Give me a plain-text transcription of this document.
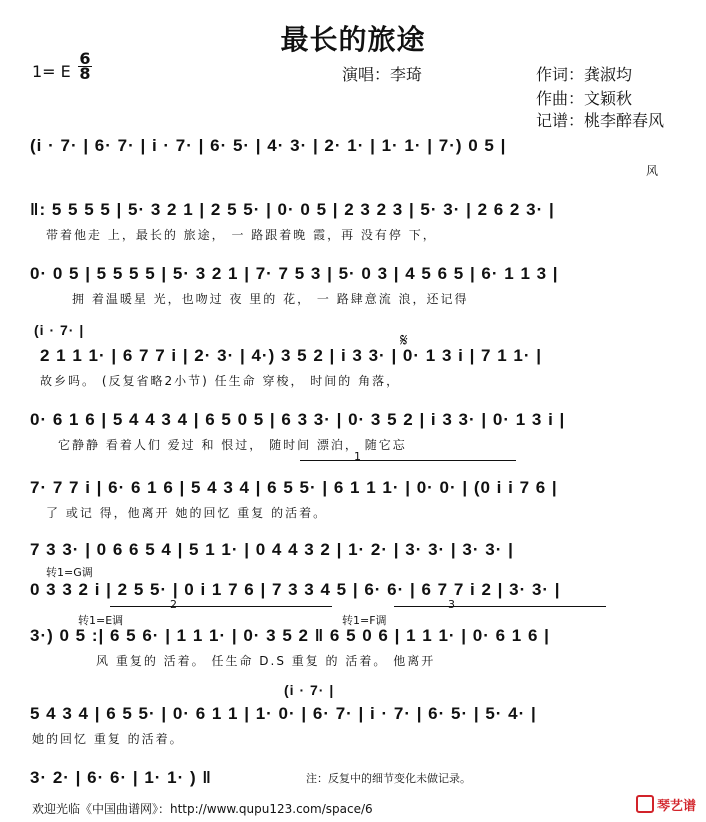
最长的旅途
1= E
6
8	演唱：李琦	作词：龚淑均
作曲：文颖秋
记谱：桃李醉春风
(i · 7· | 6· 7· | i · 7· | 6· 5· | 4· 3· | 2· 1· | 1· 1· | 7·) 0 5 |
风
‖: 5 5 5 5 | 5· 3 2 1 | 2 5 5· | 0· 0 5 | 2 3 2 3 | 5· 3· | 2 6 2 3· |
带着他走 上，最长的 旅途， 一 路跟着晚 霞，再 没有停 下，
0· 0 5 | 5 5 5 5 | 5· 3 2 1 | 7· 7 5 3 | 5· 0 3 | 4 5 6 5 | 6· 1 1 3 |
拥 着温暖星 光，也吻过 夜 里的 花， 一 路肆意流 浪，还记得
(i · 7· |
2 1 1 1· | 6 7 7 i | 2· 3· | 4·) 3 5 2 | i 3 3· | 0· 1 3 i | 7 1 1· |
故乡吗。 (反复省略2小节) 任生命 穿梭， 时间的 角落，
𝄋
0· 6 1 6 | 5 4 4 3 4 | 6 5 0 5 | 6 3 3· | 0· 3 5 2 | i 3 3· | 0· 1 3 i |
它静静 看着人们 爱过 和 恨过， 随时间 漂泊， 随它忘
1
7· 7 7 i | 6· 6 1 6 | 5 4 3 4 | 6 5 5· | 6 1 1 1· | 0· 0· | (0 i i 7 6 |
了 或记 得，他离开 她的回忆 重复 的活着。
7 3 3· | 0 6 6 5 4 | 5 1 1· | 0 4 4 3 2 | 1· 2· | 3· 3· | 3· 3· |
转1=G调
0 3 3 2 i | 2 5 5· | 0 i 1 7 6 | 7 3 3 4 5 | 6· 6· | 6 7 7 i 2 | 3· 3· |
2	3
转1=E调	转1=F调
3·) 0 5 :| 6 5 6· | 1 1 1· | 0· 3 5 2 ‖ 6 5 0 6 | 1 1 1· | 0· 6 1 6 |
风 重复的 活着。 任生命 D.S 重复 的 活着。 他离开
(i · 7· |
5 4 3 4 | 6 5 5· | 0· 6 1 1 | 1· 0· | 6· 7· | i · 7· | 6· 5· | 5· 4· |
她的回忆 重复 的活着。
3· 2· | 6· 6· | 1· 1· ) ‖	注：反复中的细节变化未做记录。
欢迎光临《中国曲谱网》：http://www.qupu123.com/space/6	琴艺谱
